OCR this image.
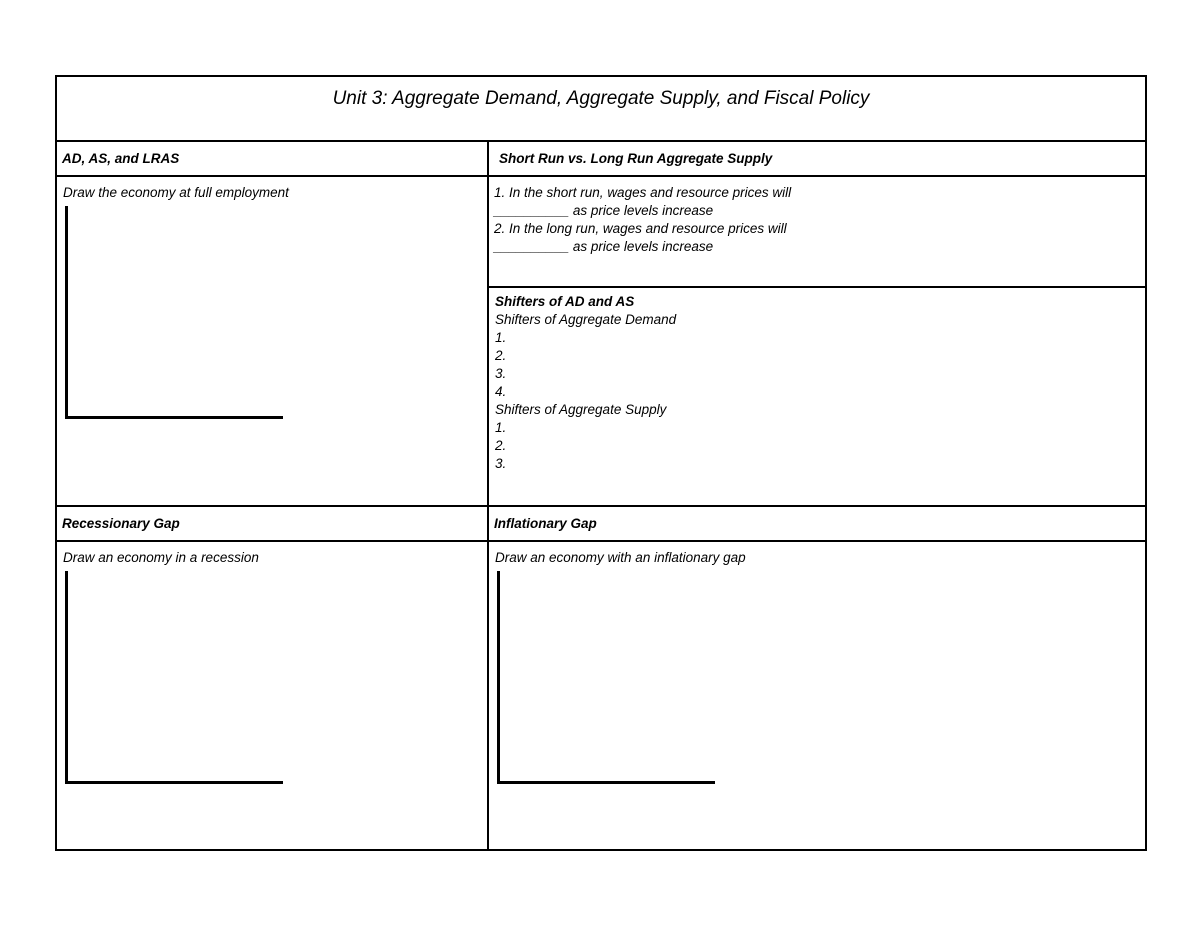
Unit 3: Aggregate Demand, Aggregate Supply, and Fiscal Policy
AD, AS, and LRAS	Short Run vs. Long Run Aggregate Supply
Draw the economy at full employment	1. In the short run, wages and resource prices will
__________ as price levels increase
2. In the long run, wages and resource prices will
__________ as price levels increase
Shifters of AD and AS
Shifters of Aggregate Demand
1.
2.
3.
4.
Shifters of Aggregate Supply
1.
2.
3.
Recessionary Gap	Inflationary Gap
Draw an economy in a recession	Draw an economy with an inflationary gap
